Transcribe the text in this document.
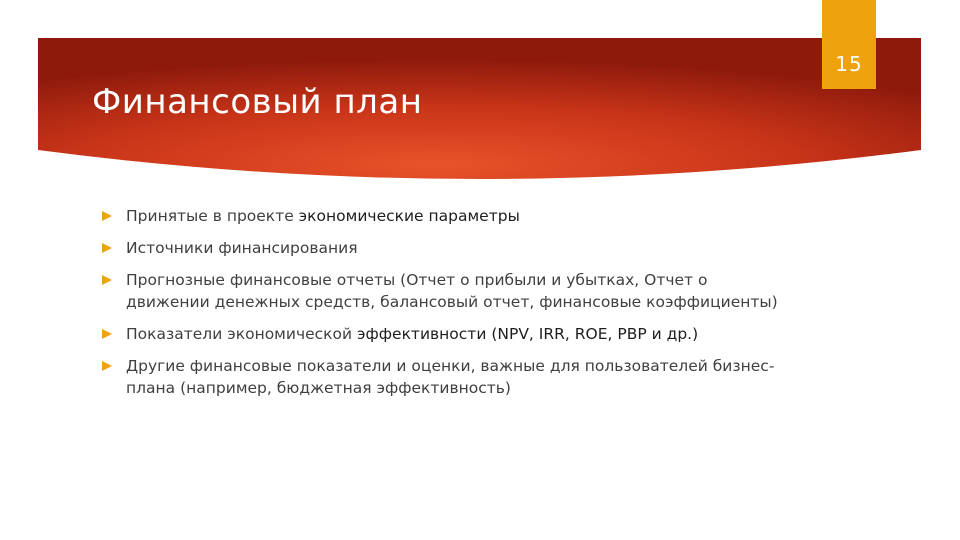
Финансовый план
15
Принятые в проекте экономические параметры
Источники финансирования
Прогнозные финансовые отчеты (Отчет о прибыли и убытках, Отчет о движении денежных средств, балансовый отчет, финансовые коэффициенты)
Показатели экономической эффективности (NPV, IRR, ROE, PBP и др.)
Другие финансовые показатели и оценки, важные для пользователей бизнес-плана (например, бюджетная эффективность)
